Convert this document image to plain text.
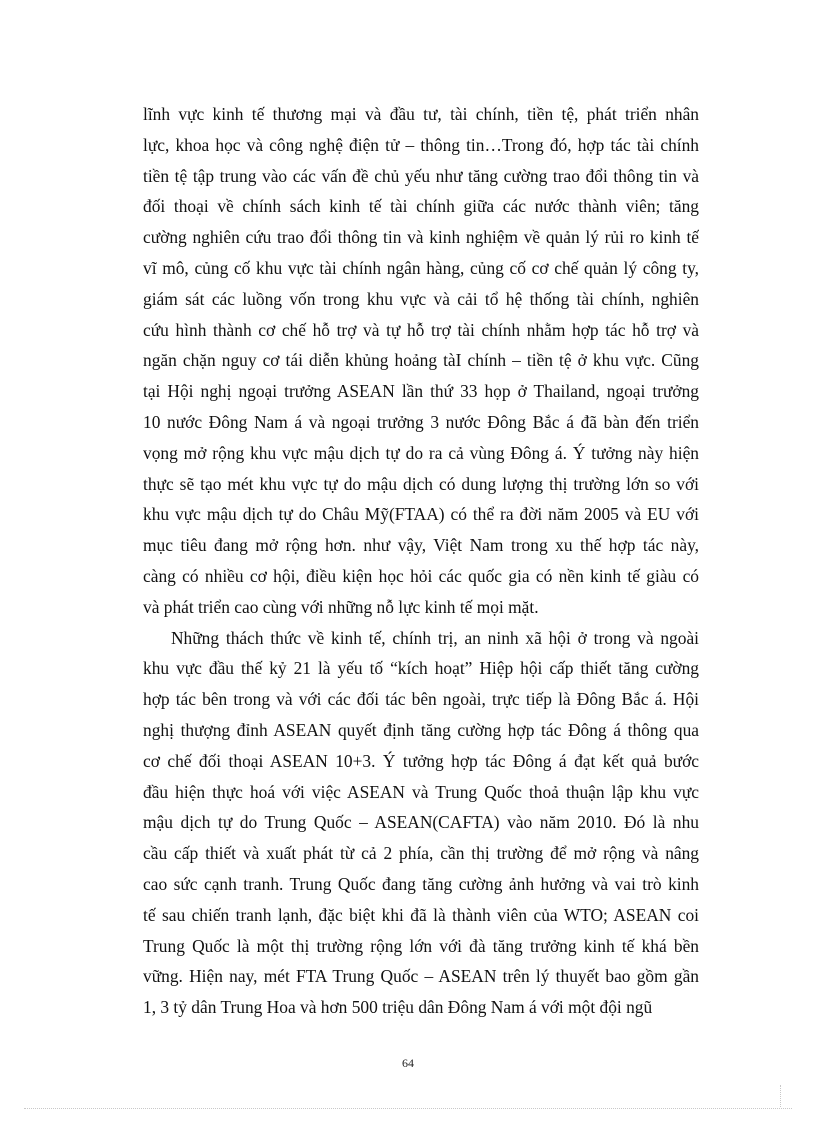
lĩnh vực kinh tế thương mại và đầu tư, tài chính, tiền tệ, phát triển nhân
lực, khoa học và công nghệ điện tử – thông tin…Trong đó, hợp tác tài chính
tiền tệ tập trung vào các vấn đề chủ yếu như tăng cường trao đổi thông tin và
đối thoại về chính sách kinh tế tài chính giữa các nước thành viên; tăng
cường nghiên cứu trao đổi thông tin và kinh nghiệm về quản lý rủi ro kinh tế
vĩ mô, củng cố khu vực tài chính ngân hàng, củng cố cơ chế quản lý công ty,
giám sát các luồng vốn trong khu vực và cải tổ hệ thống tài chính, nghiên
cứu hình thành cơ chế hỗ trợ và tự hỗ trợ tài chính nhằm hợp tác hỗ trợ và
ngăn chặn nguy cơ tái diễn khủng hoảng tàI chính – tiền tệ ở khu vực. Cũng
tại Hội nghị ngoại trưởng ASEAN lần thứ 33 họp ở Thailand, ngoại trưởng
10 nước Đông Nam á và ngoại trưởng 3 nước Đông Bắc á đã bàn đến triển
vọng mở rộng khu vực mậu dịch tự do ra cả vùng Đông á. Ý tưởng này hiện
thực sẽ tạo mét khu vực tự do mậu dịch có dung lượng thị trường lớn so với
khu vực mậu dịch tự do Châu Mỹ(FTAA) có thể ra đời năm 2005 và EU với
mục tiêu đang mở rộng hơn. như vậy, Việt Nam trong xu thế hợp tác này,
càng có nhiều cơ hội, điều kiện học hỏi các quốc gia có nền kinh tế giàu có
và phát triển cao cùng với những nỗ lực kinh tế mọi mặt.
Những thách thức về kinh tế, chính trị, an ninh xã hội ở trong và ngoài
khu vực đầu thế kỷ 21 là yếu tố “kích hoạt” Hiệp hội cấp thiết tăng cường
hợp tác bên trong và với các đối tác bên ngoài, trực tiếp là Đông Bắc á. Hội
nghị thượng đỉnh ASEAN quyết định tăng cường hợp tác Đông á thông qua
cơ chế đối thoại ASEAN 10+3. Ý tưởng hợp tác Đông á đạt kết quả bước
đầu hiện thực hoá với việc ASEAN và Trung Quốc thoả thuận lập khu vực
mậu dịch tự do Trung Quốc – ASEAN(CAFTA) vào năm 2010. Đó là nhu
cầu cấp thiết và xuất phát từ cả 2 phía, cần thị trường để mở rộng và nâng
cao sức cạnh tranh. Trung Quốc đang tăng cường ảnh hưởng và vai trò kinh
tế sau chiến tranh lạnh, đặc biệt khi đã là thành viên của WTO; ASEAN coi
Trung Quốc là một thị trường rộng lớn với đà tăng trưởng kinh tế khá bền
vững. Hiện nay, mét FTA Trung Quốc – ASEAN trên lý thuyết bao gồm gần
1, 3 tỷ dân Trung Hoa và hơn 500 triệu dân Đông Nam á với một đội ngũ
64
